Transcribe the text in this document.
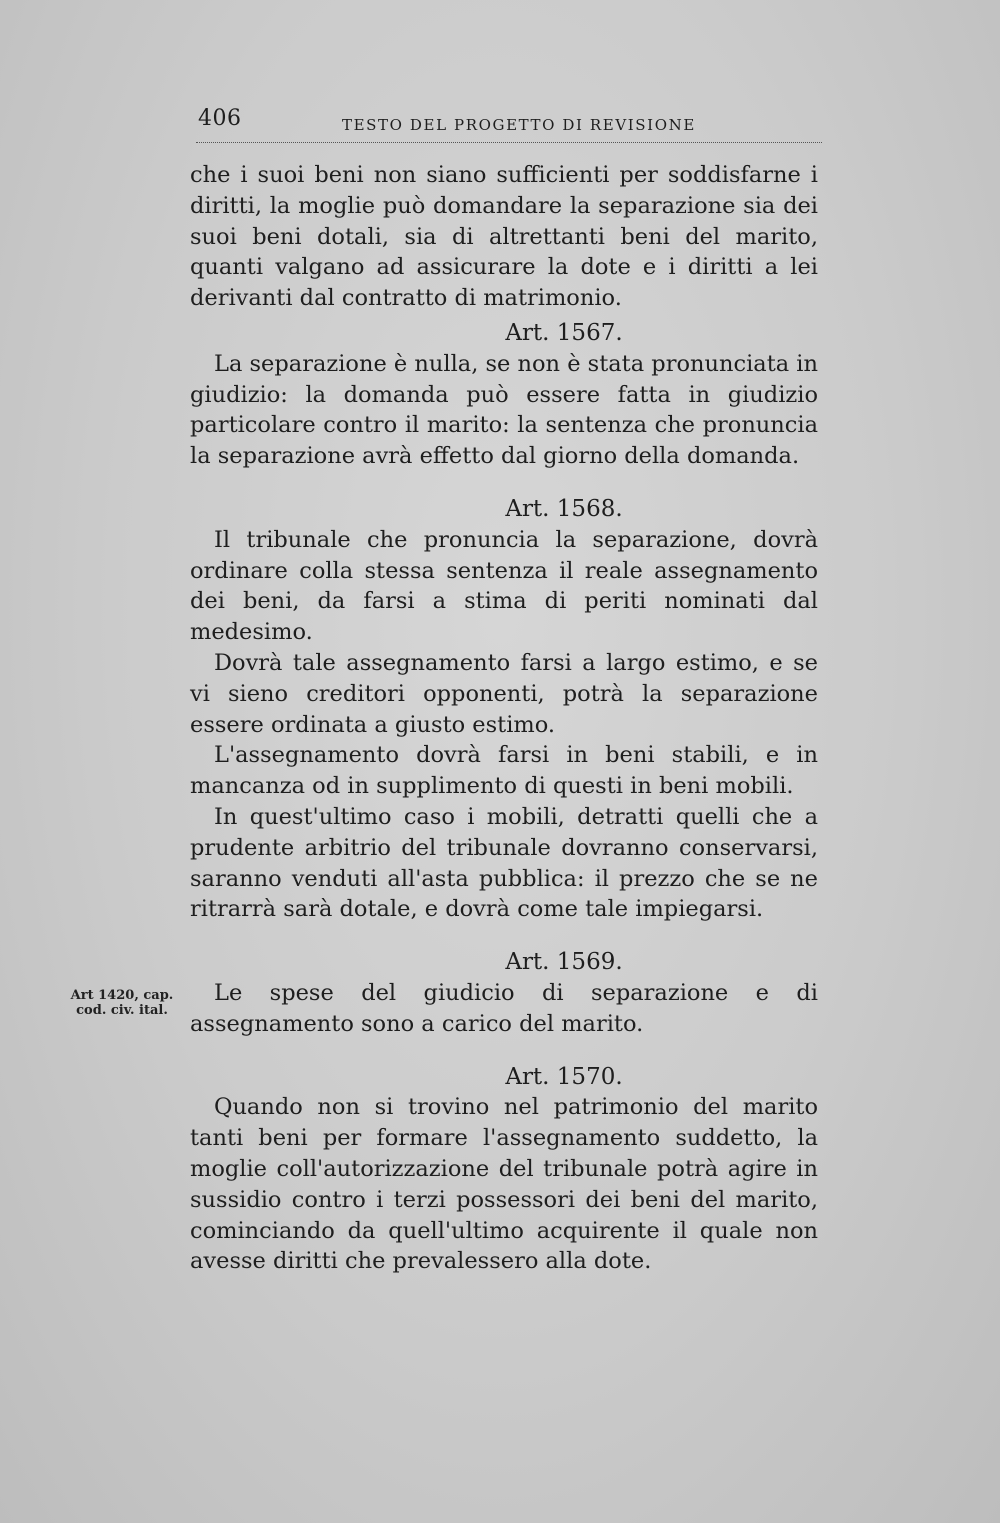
406	TESTO DEL PROGETTO DI REVISIONE
Art 1420, cap.
cod. civ. ital.

che i suoi beni non siano sufficienti per soddisfarne i diritti, la moglie può domandare la separazione sia dei suoi beni dotali, sia di altrettanti beni del marito, quanti valgano ad assicurare la dote e i diritti a lei derivanti dal contratto di matrimonio.

Art. 1567.

La separazione è nulla, se non è stata pronunciata in giudizio: la domanda può essere fatta in giudizio particolare contro il marito: la sentenza che pronuncia la separazione avrà effetto dal giorno della domanda.

Art. 1568.

Il tribunale che pronuncia la separazione, dovrà ordinare colla stessa sentenza il reale assegnamento dei beni, da farsi a stima di periti nominati dal medesimo.

Dovrà tale assegnamento farsi a largo estimo, e se vi sieno creditori opponenti, potrà la separazione essere ordinata a giusto estimo.

L'assegnamento dovrà farsi in beni stabili, e in mancanza od in supplimento di questi in beni mobili.

In quest'ultimo caso i mobili, detratti quelli che a prudente arbitrio del tribunale dovranno conservarsi, saranno venduti all'asta pubblica: il prezzo che se ne ritrarrà sarà dotale, e dovrà come tale impiegarsi.

Art. 1569.

Le spese del giudicio di separazione e di assegnamento sono a carico del marito.

Art. 1570.

Quando non si trovino nel patrimonio del marito tanti beni per formare l'assegnamento suddetto, la moglie coll'autorizzazione del tribunale potrà agire in sussidio contro i terzi possessori dei beni del marito, cominciando da quell'ultimo acquirente il quale non avesse diritti che prevalessero alla dote.
